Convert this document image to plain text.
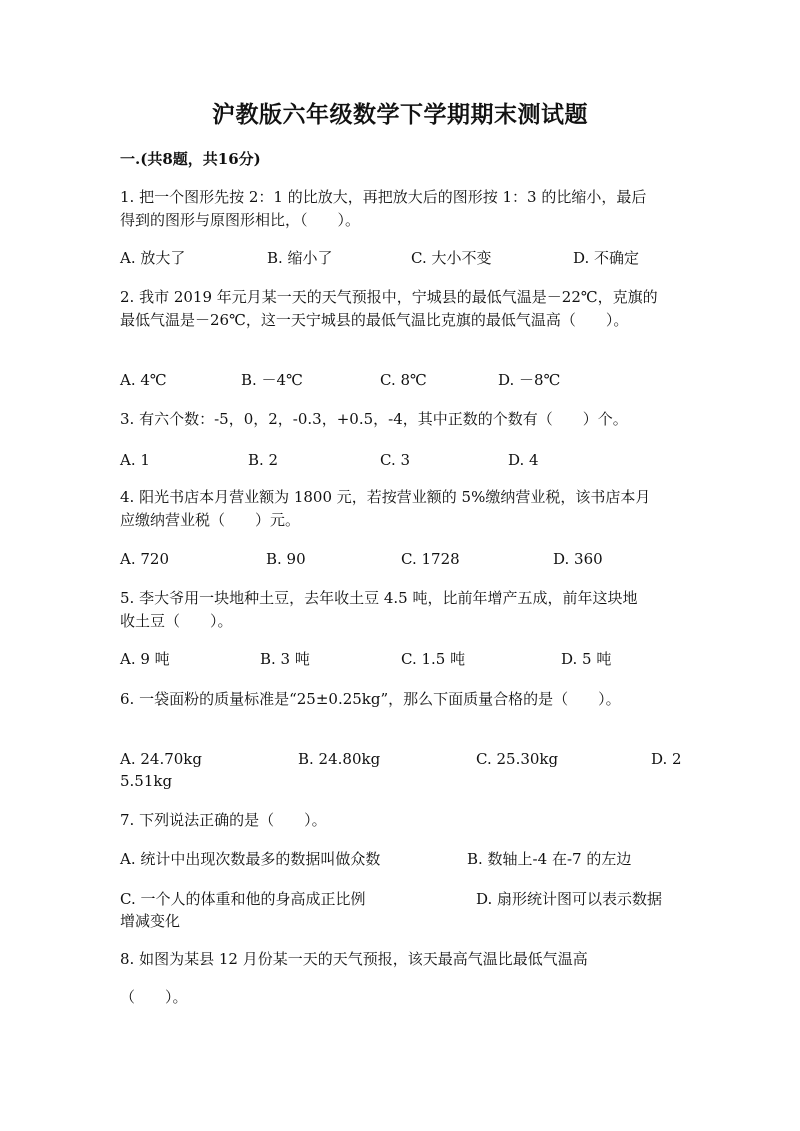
沪教版六年级数学下学期期末测试题
一.(共8题，共16分)
1. 把一个图形先按 2：1 的比放大，再把放大后的图形按 1：3 的比缩小，最后
得到的图形与原图形相比，（　　）。
A. 放大了	B. 缩小了	C. 大小不变	D. 不确定
2. 我市 2019 年元月某一天的天气预报中，宁城县的最低气温是－22℃，克旗的
最低气温是－26℃，这一天宁城县的最低气温比克旗的最低气温高（　　）。
A. 4℃	B. －4℃	C. 8℃	D. －8℃
3. 有六个数：-5，0，2，-0.3，+0.5，-4，其中正数的个数有（　　）个。
A. 1	B. 2	C. 3	D. 4
4. 阳光书店本月营业额为 1800 元，若按营业额的 5%缴纳营业税，该书店本月
应缴纳营业税（　　）元。
A. 720	B. 90	C. 1728	D. 360
5. 李大爷用一块地种土豆，去年收土豆 4.5 吨，比前年增产五成，前年这块地
收土豆（　　）。
A. 9 吨	B. 3 吨	C. 1.5 吨	D. 5 吨
6. 一袋面粉的质量标准是“25±0.25kg”，那么下面质量合格的是（　　）。
A. 24.70kg	B. 24.80kg	C. 25.30kg	D. 2
5.51kg
7. 下列说法正确的是（　　）。
A. 统计中出现次数最多的数据叫做众数	B. 数轴上-4 在-7 的左边
C. 一个人的体重和他的身高成正比例	D. 扇形统计图可以表示数据
增减变化
8. 如图为某县 12 月份某一天的天气预报，该天最高气温比最低气温高
（　　）。
